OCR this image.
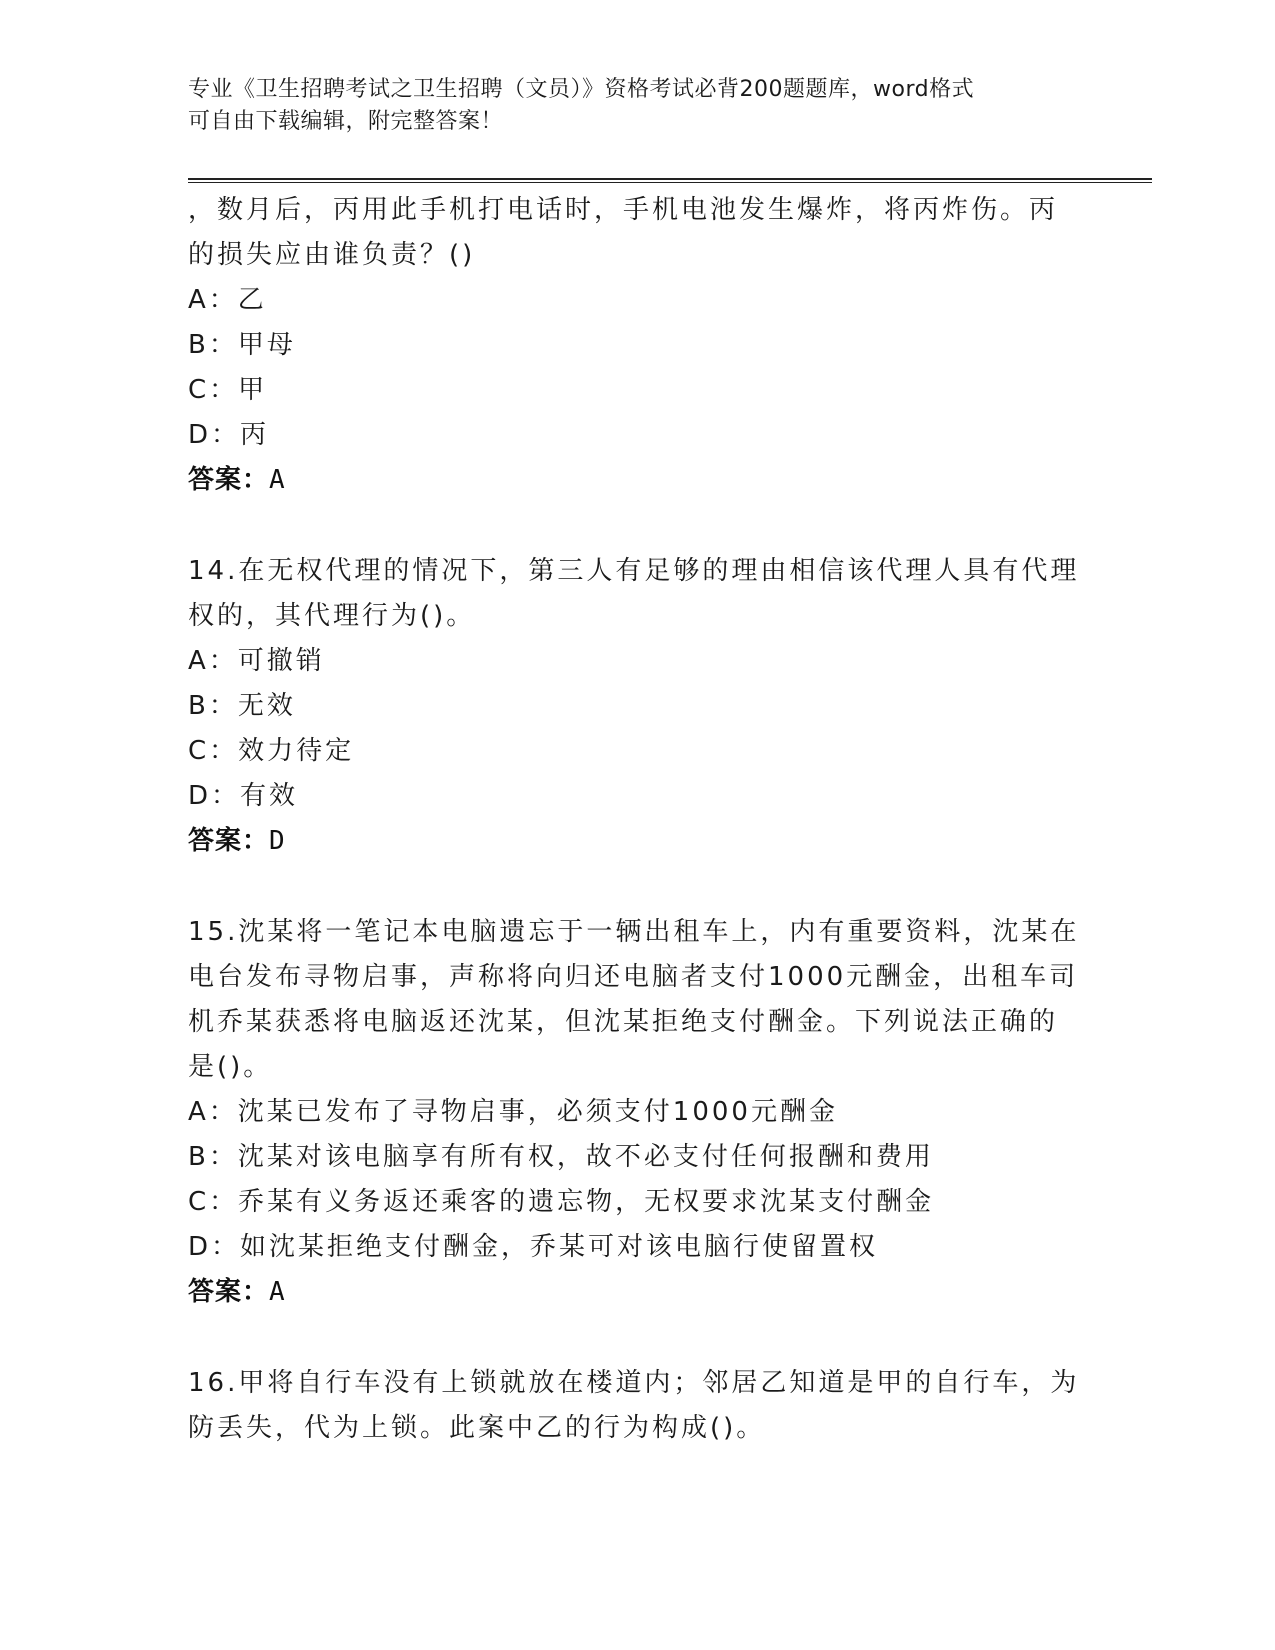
专业《卫生招聘考试之卫生招聘（文员）》资格考试必背200题题库，word格式
可自由下载编辑，附完整答案！
，数月后，丙用此手机打电话时，手机电池发生爆炸，将丙炸伤。丙
的损失应由谁负责？()
A：乙
B：甲母
C：甲
D：丙
答案：A
14.在无权代理的情况下，第三人有足够的理由相信该代理人具有代理
权的，其代理行为()。
A：可撤销
B：无效
C：效力待定
D：有效
答案：D
15.沈某将一笔记本电脑遗忘于一辆出租车上，内有重要资料，沈某在
电台发布寻物启事，声称将向归还电脑者支付1000元酬金，出租车司
机乔某获悉将电脑返还沈某，但沈某拒绝支付酬金。下列说法正确的
是()。
A：沈某已发布了寻物启事，必须支付1000元酬金
B：沈某对该电脑享有所有权，故不必支付任何报酬和费用
C：乔某有义务返还乘客的遗忘物，无权要求沈某支付酬金
D：如沈某拒绝支付酬金，乔某可对该电脑行使留置权
答案：A
16.甲将自行车没有上锁就放在楼道内；邻居乙知道是甲的自行车，为
防丢失，代为上锁。此案中乙的行为构成()。
